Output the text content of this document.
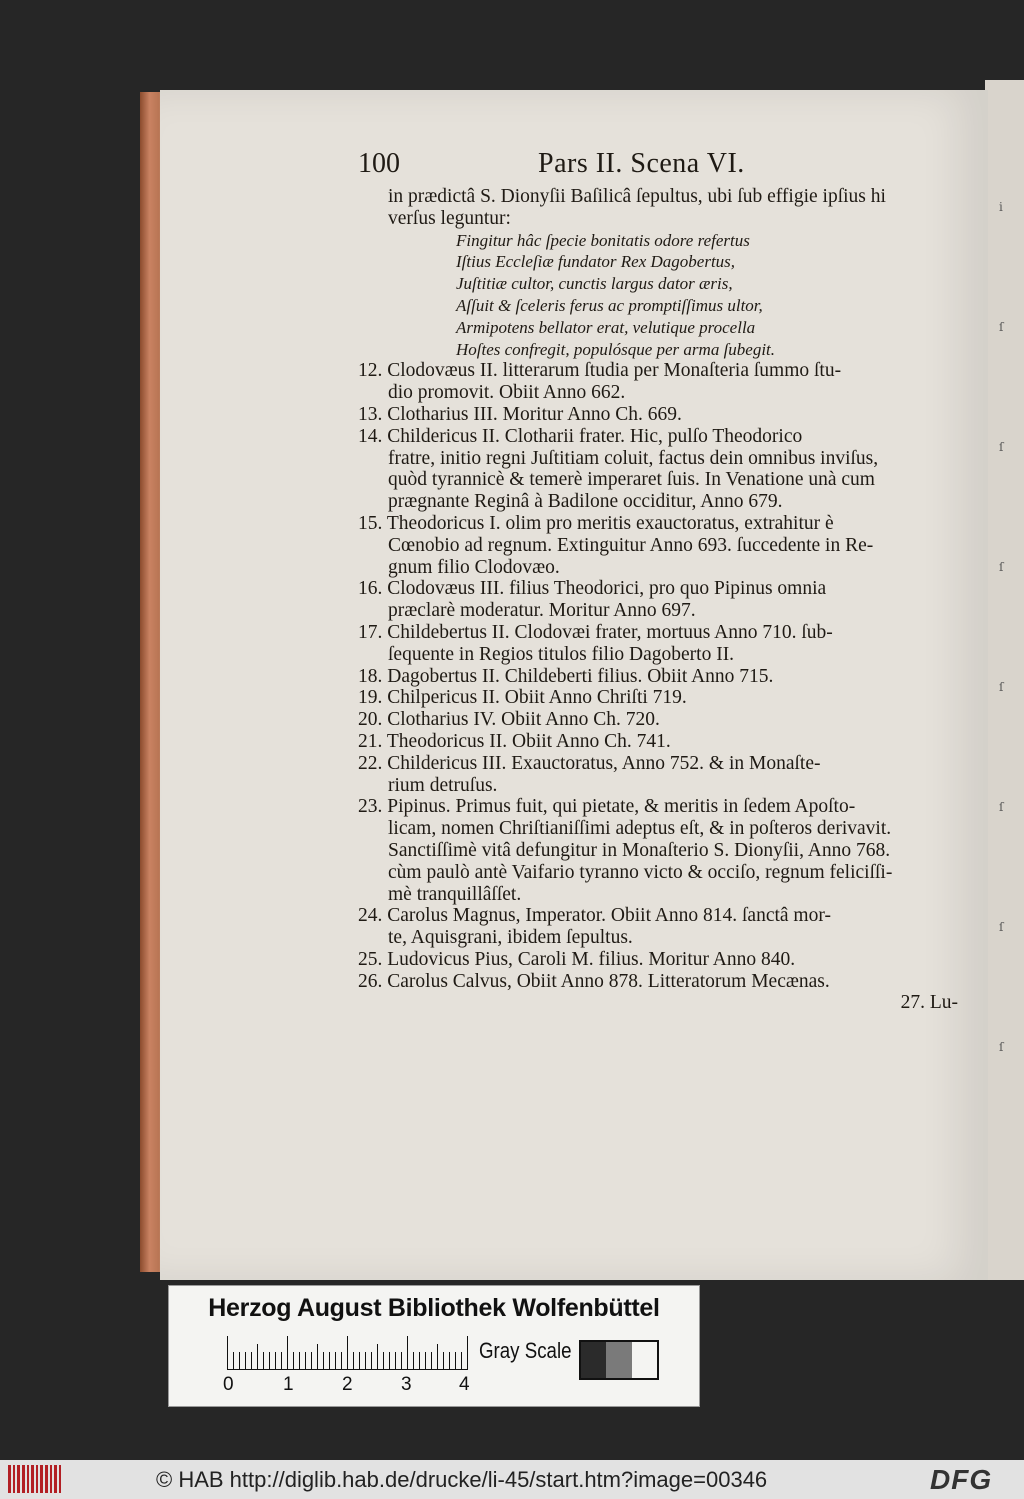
i
ſ
ſ
ſ
ſ
ſ
ſ
ſ
100	Pars II. Scena VI.
in prædictâ S. Dionyſii Baſilicâ ſepultus, ubi ſub effigie ipſius hi
verſus leguntur:
Fingitur hâc ſpecie bonitatis odore refertus
Iſtius Eccleſiæ fundator Rex Dagobertus,
Juſtitiæ cultor, cunctis largus dator æris,
Aſſuit & ſceleris ferus ac promptiſſimus ultor,
Armipotens bellator erat, velutique procella
Hoſtes confregit, populósque per arma ſubegit.
12. Clodovæus II. litterarum ſtudia per Monaſteria ſummo ſtu-
dio promovit. Obiit Anno 662.
13. Clotharius III. Moritur Anno Ch. 669.
14. Childericus II. Clotharii frater. Hic, pulſo Theodorico
fratre, initio regni Juſtitiam coluit, factus dein omnibus inviſus,
quòd tyrannicè & temerè imperaret ſuis. In Venatione unà cum
prægnante Reginâ à Badilone occiditur, Anno 679.
15. Theodoricus I. olim pro meritis exauctoratus, extrahitur è
Cœnobio ad regnum. Extinguitur Anno 693. ſuccedente in Re-
gnum filio Clodovæo.
16. Clodovæus III. filius Theodorici, pro quo Pipinus omnia
præclarè moderatur. Moritur Anno 697.
17. Childebertus II. Clodovæi frater, mortuus Anno 710. ſub-
ſequente in Regios titulos filio Dagoberto II.
18. Dagobertus II. Childeberti filius. Obiit Anno 715.
19. Chilpericus II. Obiit Anno Chriſti 719.
20. Clotharius IV. Obiit Anno Ch. 720.
21. Theodoricus II. Obiit Anno Ch. 741.
22. Childericus III. Exauctoratus, Anno 752. & in Monaſte-
rium detruſus.
23. Pipinus. Primus fuit, qui pietate, & meritis in ſedem Apoſto-
licam, nomen Chriſtianiſſimi adeptus eſt, & in poſteros derivavit.
Sanctiſſimè vitâ defungitur in Monaſterio S. Dionyſii, Anno 768.
cùm paulò antè Vaifario tyranno victo & occiſo, regnum feliciſſi-
mè tranquillâſſet.
24. Carolus Magnus, Imperator. Obiit Anno 814. ſanctâ mor-
te, Aquisgrani, ibidem ſepultus.
25. Ludovicus Pius, Caroli M. filius. Moritur Anno 840.
26. Carolus Calvus, Obiit Anno 878. Litteratorum Mecænas.
27. Lu-
Herzog August Bibliothek Wolfenbüttel
0	1	2	3 4
Gray Scale
© HAB http://diglib.hab.de/drucke/li-45/start.htm?image=00346	DFG
